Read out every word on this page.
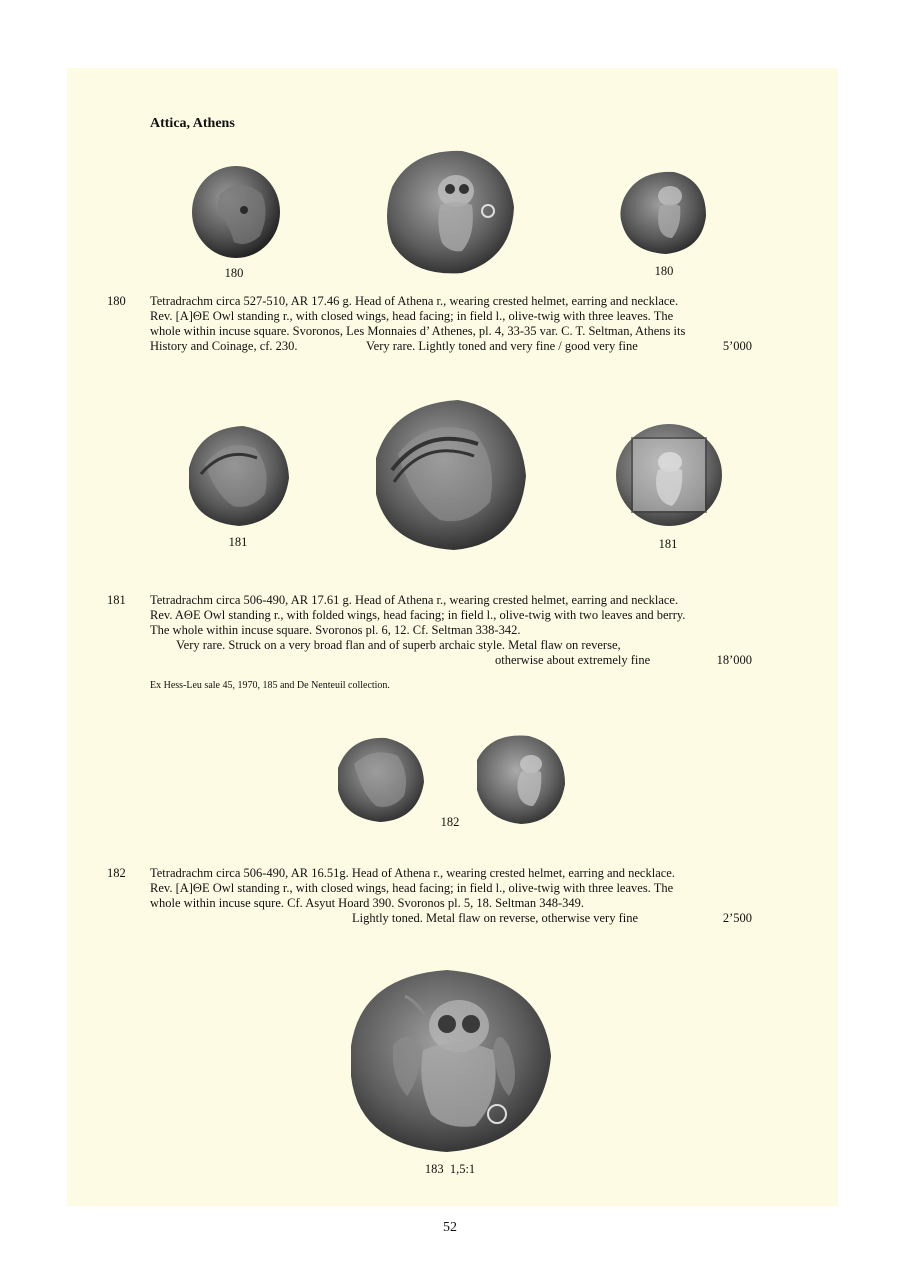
Attica, Athens
180	180
180 Tetradrachm circa 527-510, AR 17.46 g. Head of Athena r., wearing crested helmet, earring and necklace.

Rev. [A]ΘE Owl standing r., with closed wings, head facing; in field l., olive-twig with three leaves. The

whole within incuse square. Svoronos, Les Monnaies d’ Athenes, pl. 4, 33-35 var. C. T. Seltman, Athens its

History and Coinage, cf. 230.	Very rare. Lightly toned and very fine / good very fine	5’000
181	181
181 Tetradrachm circa 506-490, AR 17.61 g. Head of Athena r., wearing crested helmet, earring and necklace.

Rev. AΘE Owl standing r., with folded wings, head facing; in field l., olive-twig with two leaves and berry.

The whole within incuse square. Svoronos pl. 6, 12. Cf. Seltman 338-342.

Very rare. Struck on a very broad flan and of superb archaic style. Metal flaw on reverse,
otherwise about extremely fine	18’000
Ex Hess-Leu sale 45, 1970, 185 and De Nenteuil collection.
182
182 Tetradrachm circa 506-490, AR 16.51g. Head of Athena r., wearing crested helmet, earring and necklace.

Rev. [A]ΘE Owl standing r., with closed wings, head facing; in field l., olive-twig with three leaves. The

whole within incuse squre. Cf. Asyut Hoard 390. Svoronos pl. 5, 18. Seltman 348-349.

Lightly toned. Metal flaw on reverse, otherwise very fine	2’500
183  1,5:1
52
